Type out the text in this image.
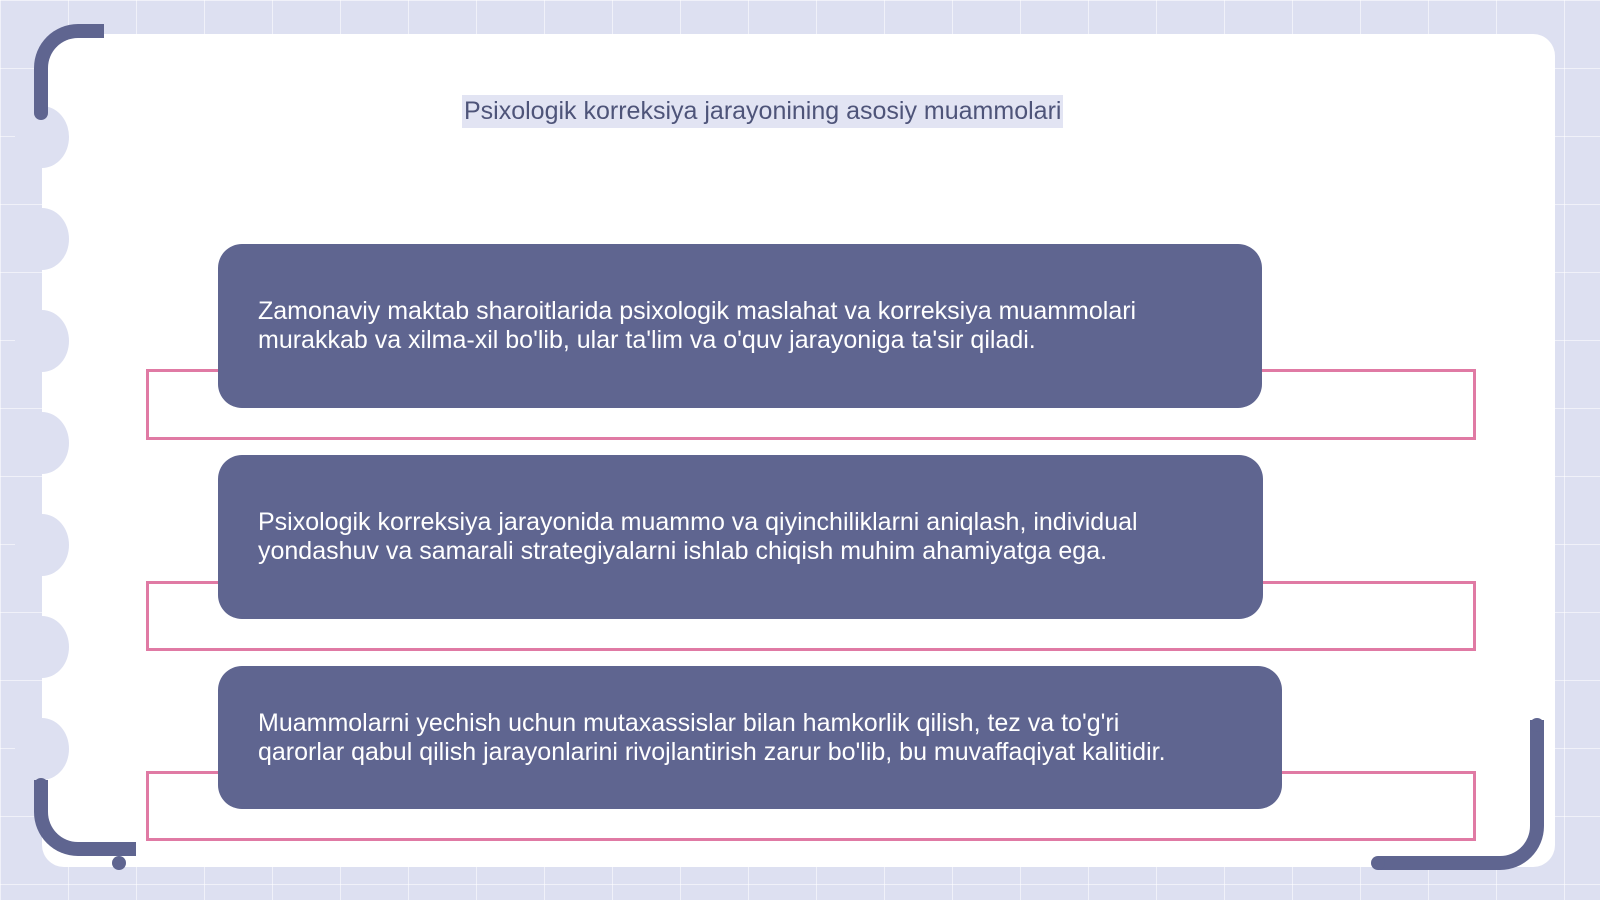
Psixologik korreksiya jarayonining asosiy muammolari
Zamonaviy maktab sharoitlarida psixologik maslahat va korreksiya muammolari
murakkab va xilma-xil bo'lib, ular ta'lim va o'quv jarayoniga ta'sir qiladi.
Psixologik korreksiya jarayonida muammo va qiyinchiliklarni aniqlash, individual
yondashuv va samarali strategiyalarni ishlab chiqish muhim ahamiyatga ega.
Muammolarni yechish uchun mutaxassislar bilan hamkorlik qilish, tez va to'g'ri
qarorlar qabul qilish jarayonlarini rivojlantirish zarur bo'lib, bu muvaffaqiyat kalitidir.
